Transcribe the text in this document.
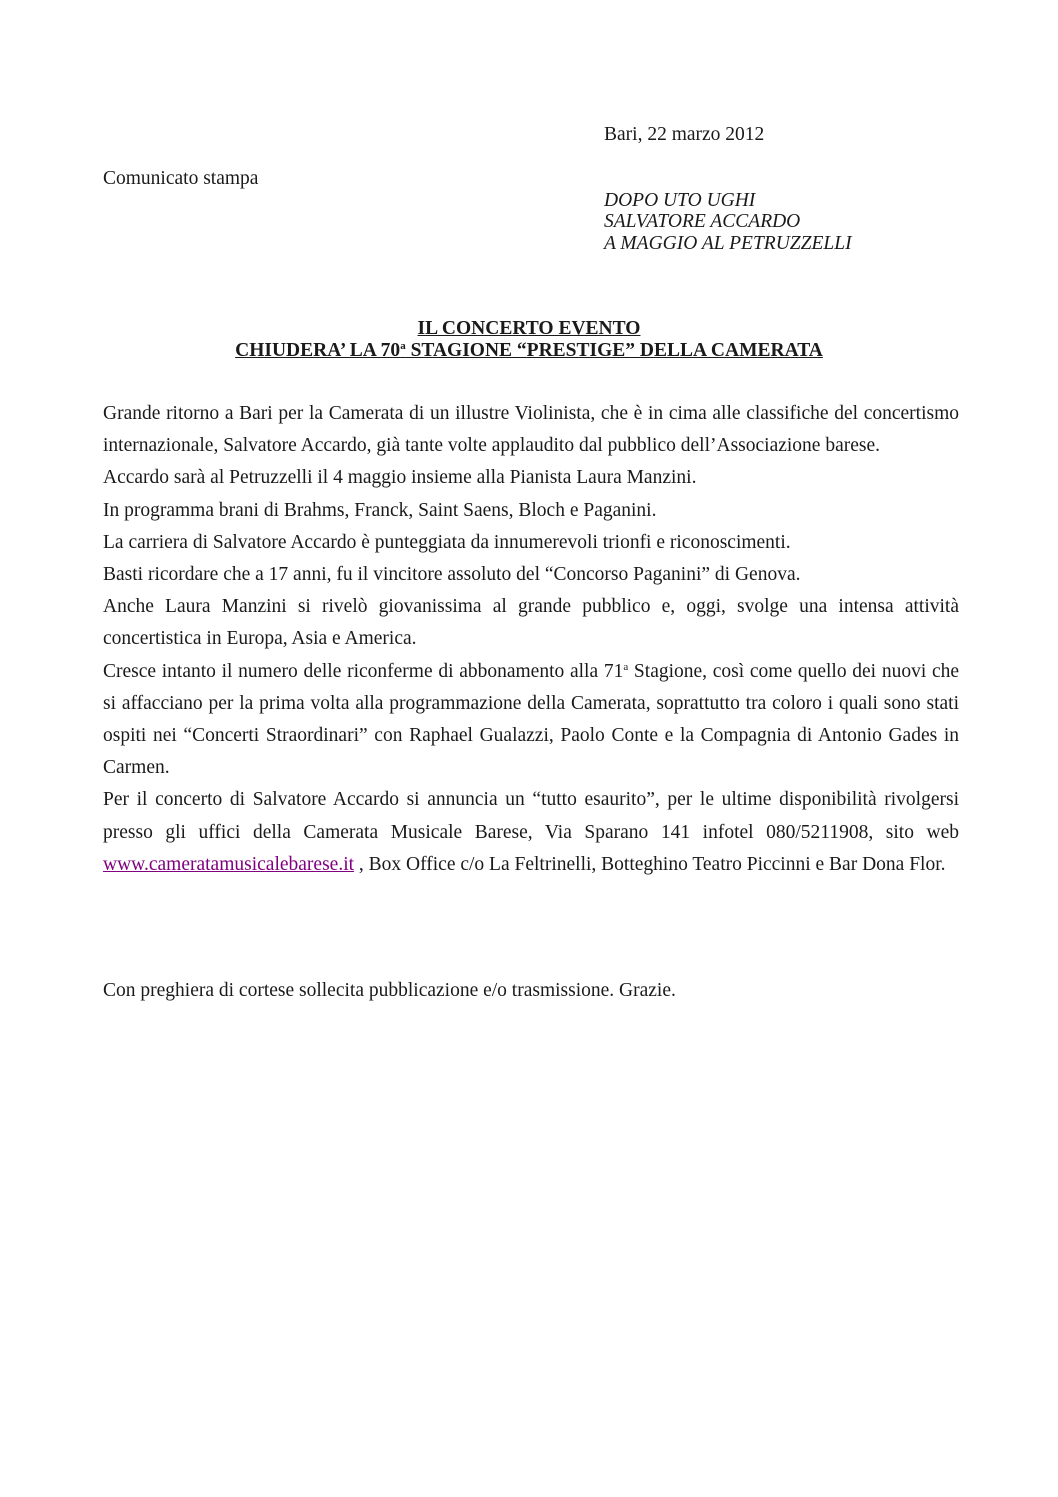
Bari, 22 marzo 2012
Comunicato stampa
DOPO UTO UGHI
SALVATORE ACCARDO
A MAGGIO AL PETRUZZELLI
IL CONCERTO EVENTO
CHIUDERA’ LA 70$^a$ STAGIONE “PRESTIGE” DELLA CAMERATA

Grande ritorno a Bari per la Camerata di un illustre Violinista, che è in cima alle classifiche del concertismo internazionale, Salvatore Accardo, già tante volte applaudito dal pubblico dell’Associazione barese.

Accardo sarà al Petruzzelli il 4 maggio insieme alla Pianista Laura Manzini.

In programma brani di Brahms, Franck, Saint Saens, Bloch e Paganini.

La carriera di Salvatore Accardo è punteggiata da innumerevoli trionfi e riconoscimenti.

Basti ricordare che a 17 anni, fu il vincitore assoluto del “Concorso Paganini” di Genova.

Anche Laura Manzini si rivelò giovanissima al grande pubblico e, oggi, svolge una intensa attività concertistica in Europa, Asia e America.

Cresce intanto il numero delle riconferme di abbonamento alla 71$^a$ Stagione, così come quello dei nuovi che si affacciano per la prima volta alla programmazione della Camerata, soprattutto tra coloro i quali sono stati ospiti nei “Concerti Straordinari” con Raphael Gualazzi, Paolo Conte e la Compagnia di Antonio Gades in Carmen.

Per il concerto di Salvatore Accardo si annuncia un “tutto esaurito”, per le ultime disponibilità rivolgersi presso gli uffici della Camerata Musicale Barese, Via Sparano 141 infotel 080/5211908, sito web www.cameratamusicalebarese.it , Box Office c/o La Feltrinelli, Botteghino Teatro Piccinni e Bar Dona Flor.

Con preghiera di cortese sollecita pubblicazione e/o trasmissione. Grazie.
